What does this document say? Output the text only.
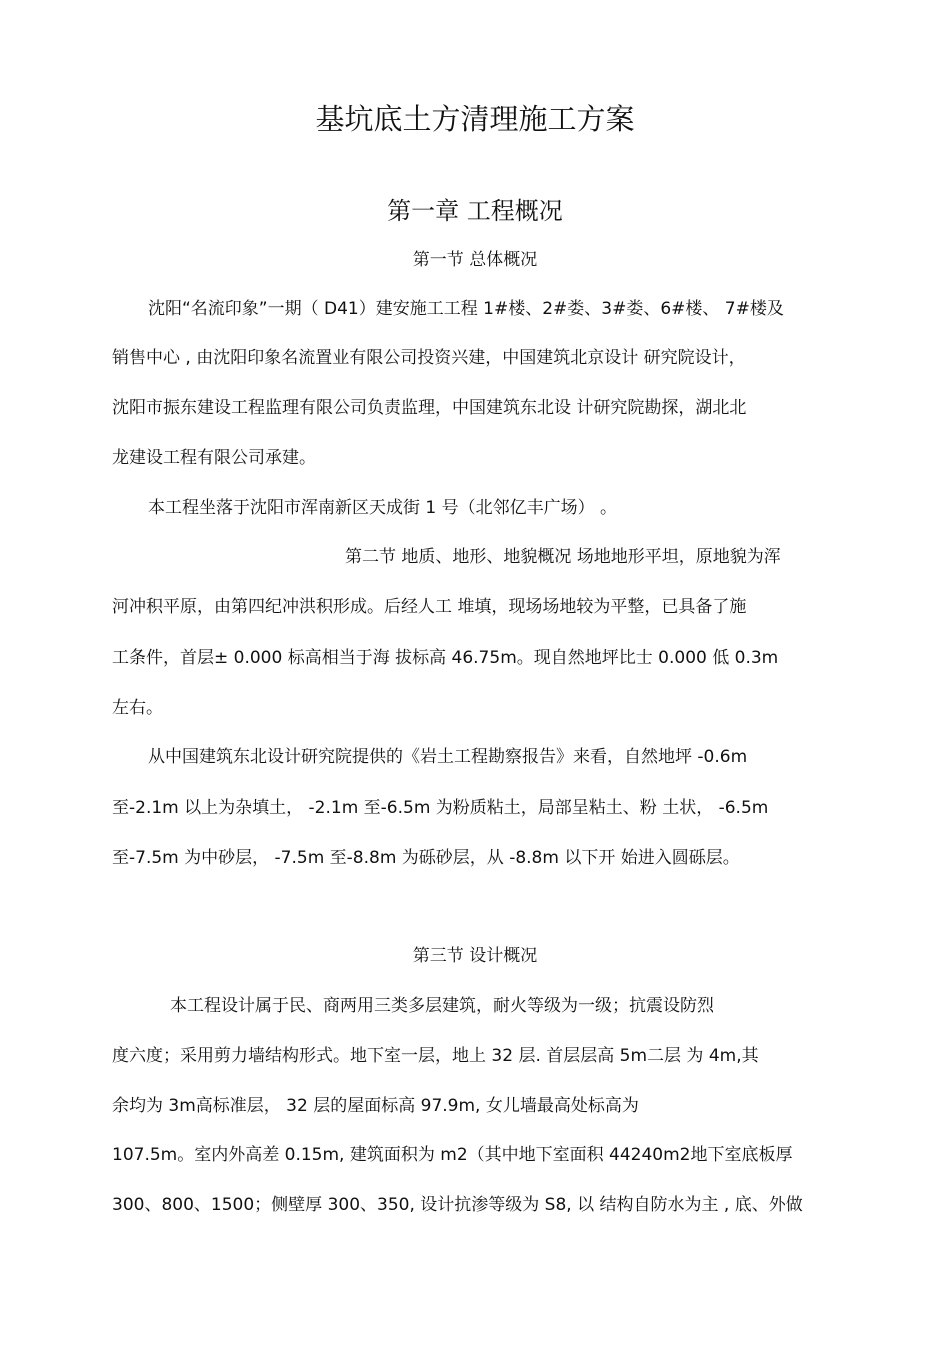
基坑底土方清理施工方案
第一章 工程概况
第一节 总体概况
沈阳“名流印象”一期（ D41）建安施工工程 1#楼、2#娄、3#娄、6#楼、 7#楼及
销售中心 , 由沈阳印象名流置业有限公司投资兴建，中国建筑北京设计 研究院设计，
沈阳市振东建设工程监理有限公司负责监理，中国建筑东北设 计研究院勘探，湖北北
龙建设工程有限公司承建。
本工程坐落于沈阳市浑南新区天成街 1 号（北邻亿丰广场） 。
第二节 地质、地形、地貌概况 场地地形平坦，原地貌为浑
河冲积平原，由第四纪冲洪积形成。后经人工 堆填，现场场地较为平整，已具备了施
工条件，首层± 0.000 标高相当于海 拔标高 46.75m。现自然地坪比士 0.000 低 0.3m
左右。
从中国建筑东北设计研究院提供的《岩土工程勘察报告》来看，自然地坪 -0.6m
至-2.1m 以上为杂填土， -2.1m 至-6.5m 为粉质粘土，局部呈粘土、粉 土状， -6.5m
至-7.5m 为中砂层， -7.5m 至-8.8m 为砾砂层，从 -8.8m 以下开 始进入圆砾层。
第三节 设计概况
本工程设计属于民、商两用三类多层建筑，耐火等级为一级；抗震设防烈
度六度；采用剪力墙结构形式。地下室一层，地上 32 层. 首层层高 5m二层 为 4m,其
余均为 3m高标准层， 32 层的屋面标高 97.9m, 女儿墙最高处标高为
107.5m。室内外高差 0.15m, 建筑面积为 m2（其中地下室面积 44240m2地下室底板厚
300、800、1500；侧壁厚 300、350, 设计抗渗等级为 S8, 以 结构自防水为主 , 底、外做
